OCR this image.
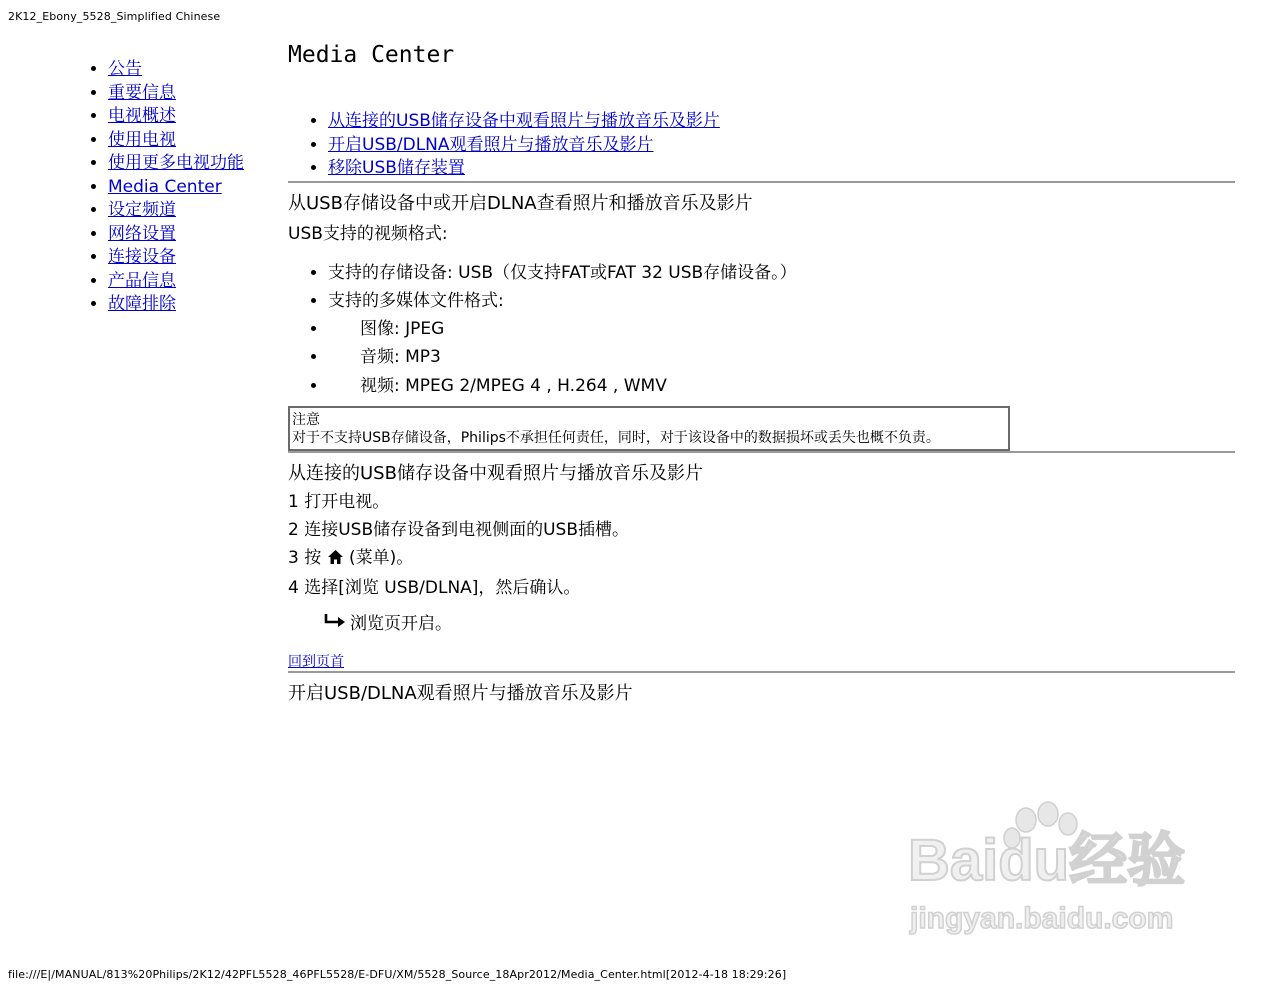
2K12_Ebony_5528_Simplified Chinese
• 公告
• 重要信息
• 电视概述
• 使用电视
• 使用更多电视功能
• Media Center
• 设定频道
• 网络设置
• 连接设备
• 产品信息
• 故障排除
Media Center
• 从连接的USB储存设备中观看照片与播放音乐及影片
• 开启USB/DLNA观看照片与播放音乐及影片
• 移除USB储存装置

从USB存储设备中或开启DLNA查看照片和播放音乐及影片

USB支持的视频格式:

• 支持的存储设备: USB（仅支持FAT或FAT 32 USB存储设备。）
• 支持的多媒体文件格式:
• 图像: JPEG
• 音频: MP3
• 视频: MPEG 2/MPEG 4 , H.264 , WMV
注意
对于不支持USB存储设备，Philips不承担任何责任，同时，对于该设备中的数据损坏或丢失也概不负责。

从连接的USB储存设备中观看照片与播放音乐及影片

1 打开电视。

2 连接USB储存设备到电视侧面的USB插槽。

3 按 (菜单)。

4 选择[浏览 USB/DLNA]，然后确认。

浏览页开启。

回到页首

开启USB/DLNA观看照片与播放音乐及影片

Baidu经验
jingyan.baidu.com
file:///E|/MANUAL/813%20Philips/2K12/42PFL5528_46PFL5528/E-DFU/XM/5528_Source_18Apr2012/Media_Center.html[2012-4-18 18:29:26]
